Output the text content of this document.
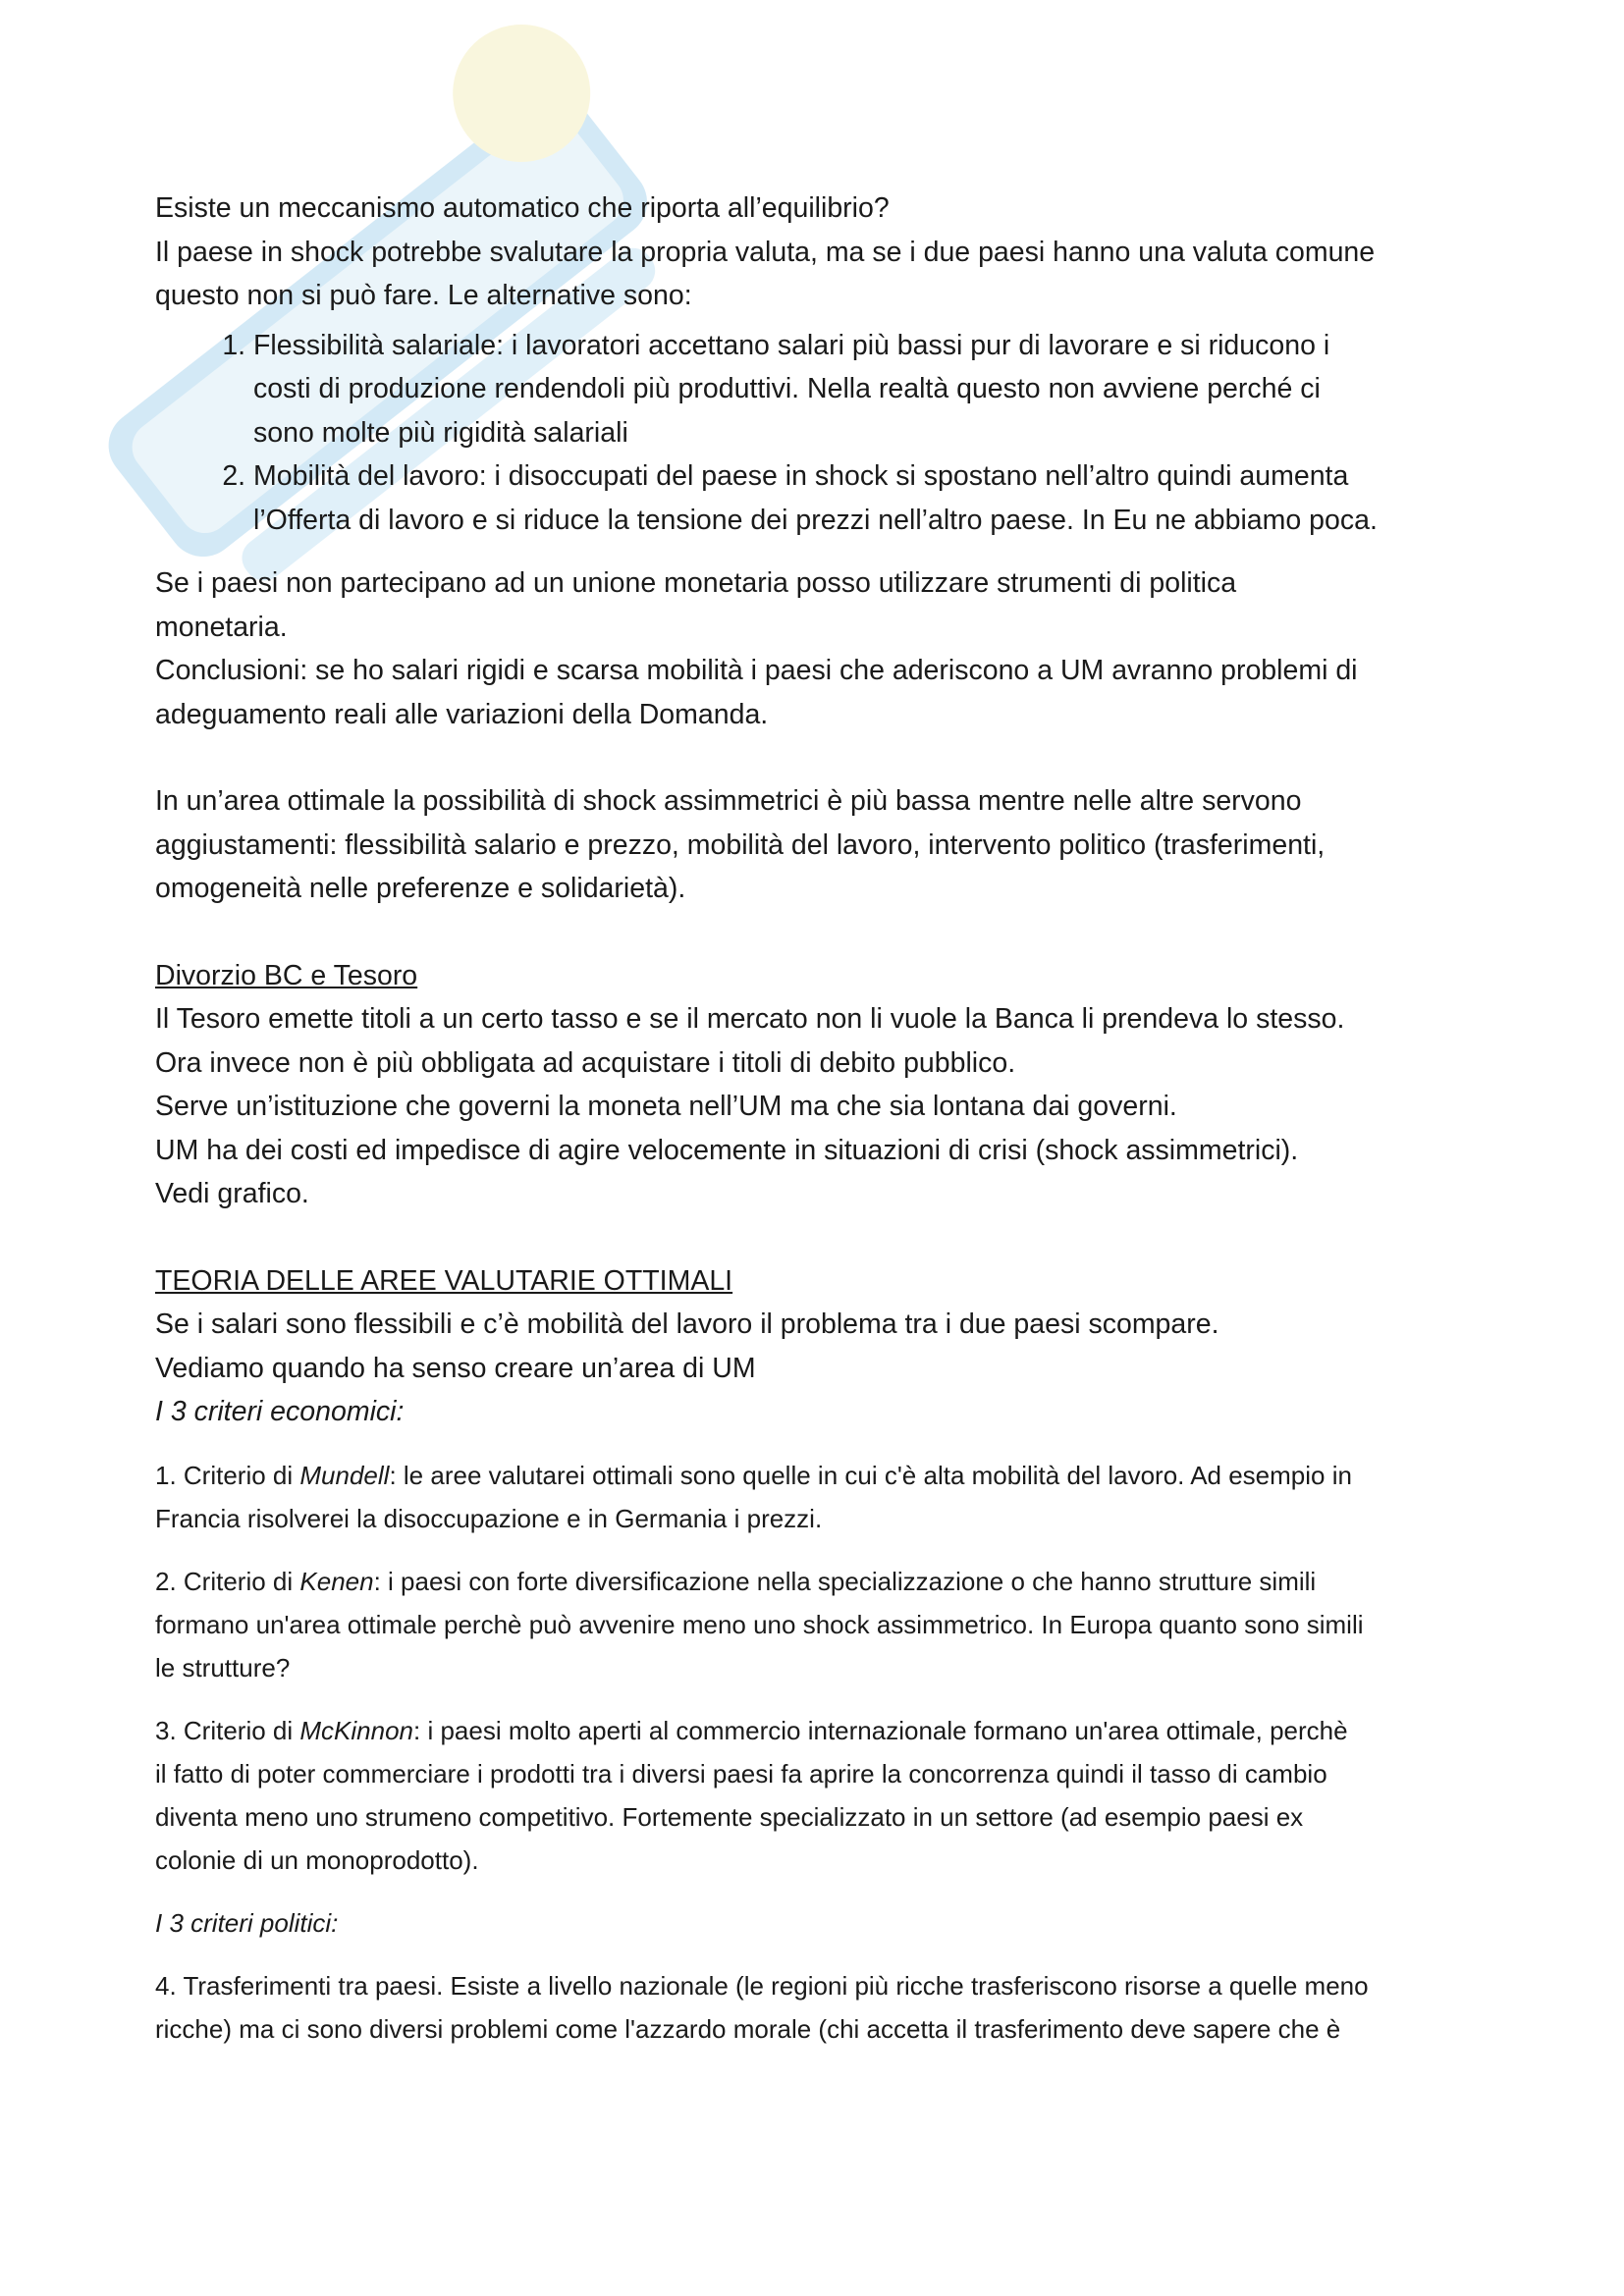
Esiste un meccanismo automatico che riporta all’equilibrio?

Il paese in shock potrebbe svalutare la propria valuta, ma se i due paesi hanno una valuta comune

questo non si può fare. Le alternative sono:

1. Flessibilità salariale: i lavoratori accettano salari più bassi pur di lavorare e si riducono i
costi di produzione rendendoli più produttivi. Nella realtà questo non avviene perché ci
sono molte più rigidità salariali
2. Mobilità del lavoro: i disoccupati del paese in shock si spostano nell’altro quindi aumenta
l’Offerta di lavoro e si riduce la tensione dei prezzi nell’altro paese. In Eu ne abbiamo poca.

Se i paesi non partecipano ad un unione monetaria posso utilizzare strumenti di politica

monetaria.

Conclusioni: se ho salari rigidi e scarsa mobilità i paesi che aderiscono a UM avranno problemi di

adeguamento reali alle variazioni della Domanda.

In un’area ottimale la possibilità di shock assimmetrici è più bassa mentre nelle altre servono

aggiustamenti: flessibilità salario e prezzo, mobilità del lavoro, intervento politico (trasferimenti,

omogeneità nelle preferenze e solidarietà).

Divorzio BC e Tesoro

Il Tesoro emette titoli a un certo tasso e se il mercato non li vuole la Banca li prendeva lo stesso.

Ora invece non è più obbligata ad acquistare i titoli di debito pubblico.

Serve un’istituzione che governi la moneta nell’UM ma che sia lontana dai governi.

UM ha dei costi ed impedisce di agire velocemente in situazioni di crisi (shock assimmetrici).

Vedi grafico.

TEORIA DELLE AREE VALUTARIE OTTIMALI

Se i salari sono flessibili e c’è mobilità del lavoro il problema tra i due paesi scompare.

Vediamo quando ha senso creare un’area di UM

I 3 criteri economici:

1. Criterio di Mundell: le aree valutarei ottimali sono quelle in cui c'è alta mobilità del lavoro. Ad esempio in

Francia risolverei la disoccupazione e in Germania i prezzi.

2. Criterio di Kenen: i paesi con forte diversificazione nella specializzazione o che hanno strutture simili

formano un'area ottimale perchè può avvenire meno uno shock assimmetrico. In Europa quanto sono simili

le strutture?

3. Criterio di McKinnon: i paesi molto aperti al commercio internazionale formano un'area ottimale, perchè

il fatto di poter commerciare i prodotti tra i diversi paesi fa aprire la concorrenza quindi il tasso di cambio

diventa meno uno strumeno competitivo. Fortemente specializzato in un settore (ad esempio paesi ex

colonie di un monoprodotto).

I 3 criteri politici:

4. Trasferimenti tra paesi. Esiste a livello nazionale (le regioni più ricche trasferiscono risorse a quelle meno

ricche) ma ci sono diversi problemi come l'azzardo morale (chi accetta il trasferimento deve sapere che è
